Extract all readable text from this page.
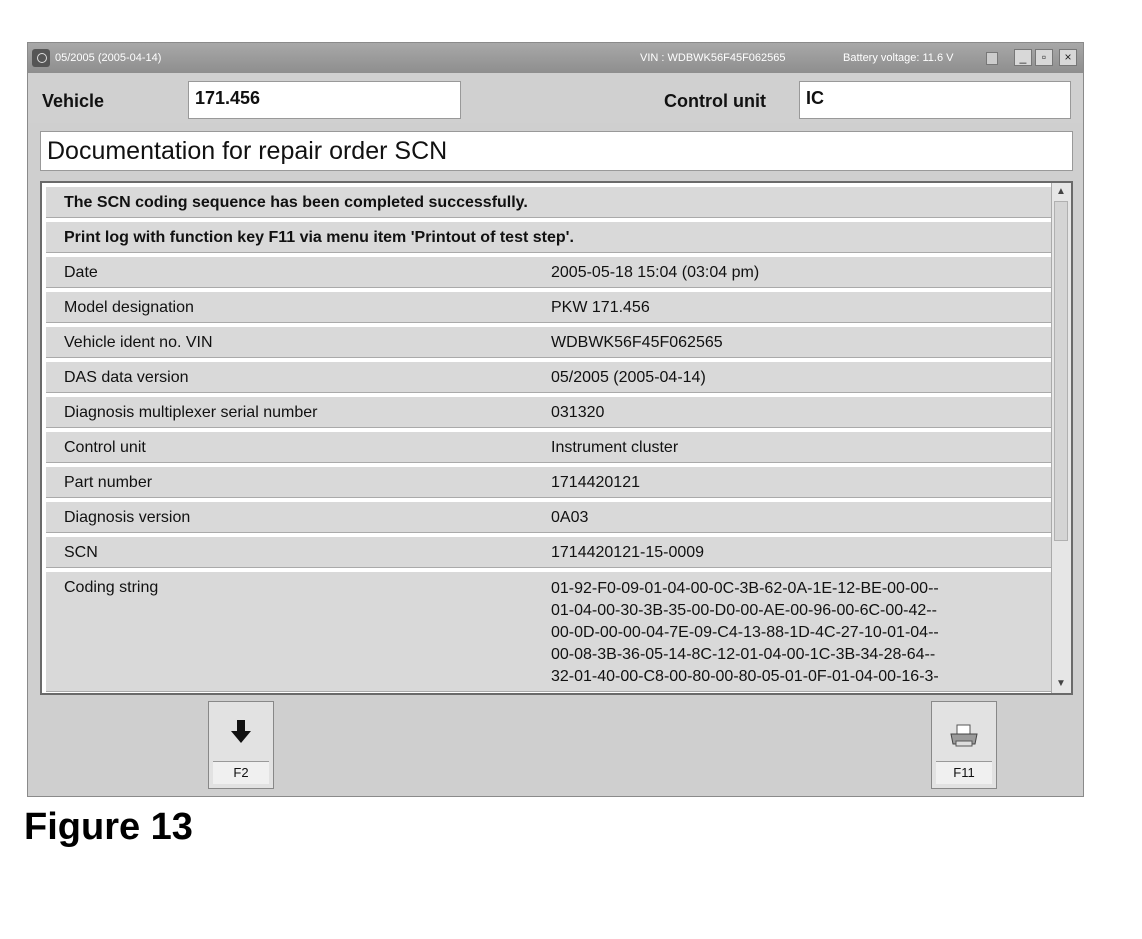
05/2005 (2005-04-14)	VIN : WDBWK56F45F062565	Battery voltage: 11.6 V	_	▫	×
Vehicle	171.456	Control unit	IC
Documentation for repair order SCN
The SCN coding sequence has been completed successfully.
Print log with function key F11 via menu item 'Printout of test step'.
Date	2005-05-18 15:04 (03:04 pm)
Model designation	PKW 171.456
Vehicle ident no. VIN	WDBWK56F45F062565
DAS data version	05/2005 (2005-04-14)
Diagnosis multiplexer serial number	031320
Control unit	Instrument cluster
Part number	1714420121
Diagnosis version	0A03
SCN	1714420121-15-0009
Coding string	01-92-F0-09-01-04-00-0C-3B-62-0A-1E-12-BE-00-00--
01-04-00-30-3B-35-00-D0-00-AE-00-96-00-6C-00-42--
00-0D-00-00-04-7E-09-C4-13-88-1D-4C-27-10-01-04--
00-08-3B-36-05-14-8C-12-01-04-00-1C-3B-34-28-64--
32-01-40-00-C8-00-80-00-80-05-01-0F-01-04-00-16-3-
▲
▼
F2	F11
Figure 13
